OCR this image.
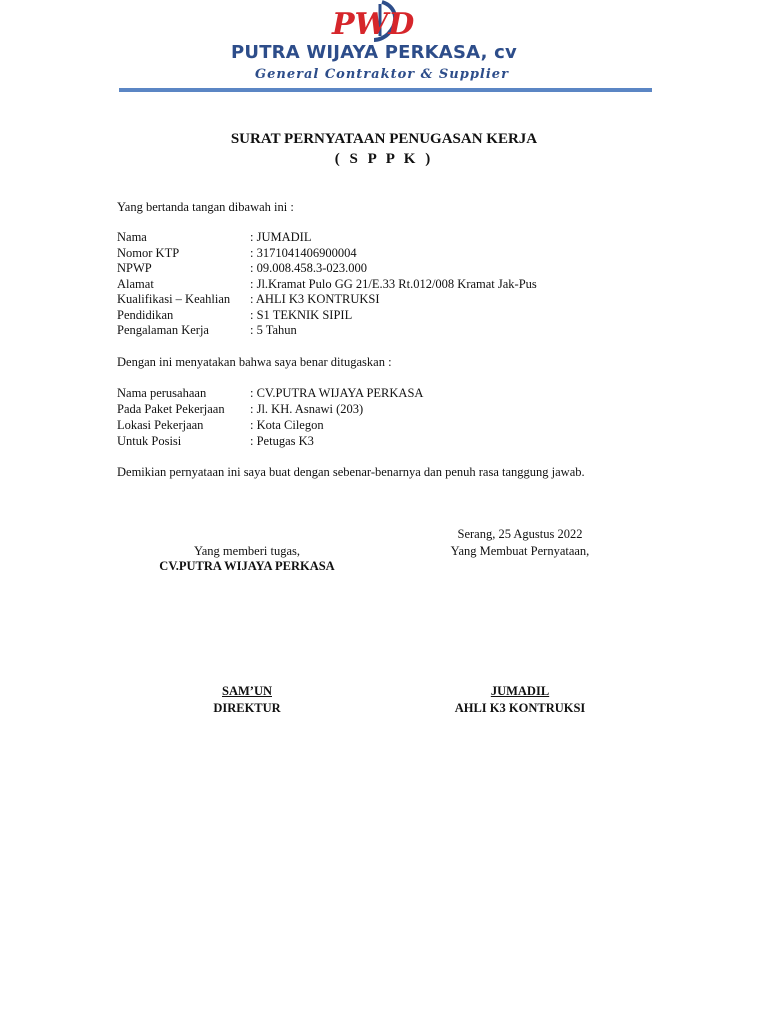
PWD
PUTRA WIJAYA PERKASA, cv
General Contraktor & Supplier
SURAT PERNYATAAN PENUGASAN KERJA
( S P P K )
Yang bertanda tangan dibawah ini :
Nama	: JUMADIL
Nomor KTP	: 3171041406900004
NPWP	: 09.008.458.3-023.000
Alamat	: Jl.Kramat Pulo GG 21/E.33 Rt.012/008 Kramat Jak-Pus
Kualifikasi – Keahlian : AHLI K3 KONTRUKSI
Pendidikan	: S1 TEKNIK SIPIL
Pengalaman Kerja	: 5 Tahun
Dengan ini menyatakan bahwa saya benar ditugaskan :
Nama perusahaan	: CV.PUTRA WIJAYA PERKASA
Pada Paket Pekerjaan : Jl. KH. Asnawi (203)
Lokasi Pekerjaan	: Kota Cilegon
Untuk Posisi	: Petugas K3
Demikian pernyataan ini saya buat dengan sebenar-benarnya dan penuh rasa tanggung jawab.
Serang, 25 Agustus 2022
Yang memberi tugas,
CV.PUTRA WIJAYA PERKASA
SAM’UN
DIREKTUR
Yang Membuat Pernyataan,
JUMADIL
AHLI K3 KONTRUKSI
